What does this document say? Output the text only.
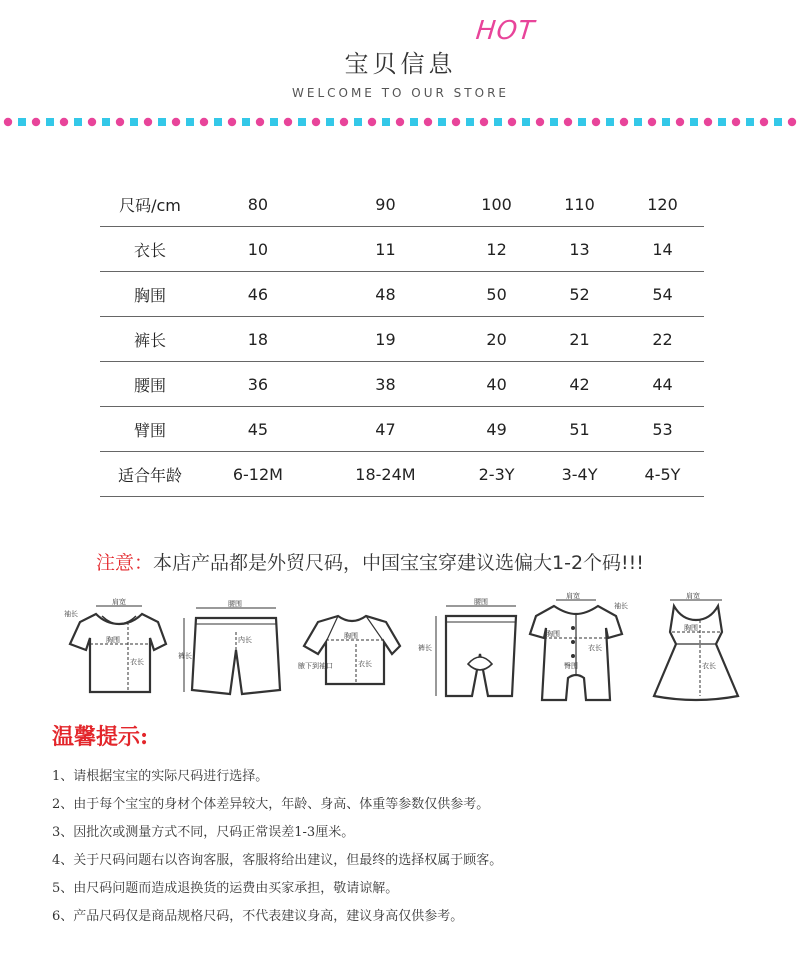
HOT
宝贝信息
WELCOME TO OUR STORE
尺码/cm	80	90	100	110	120
衣长	10	11	12	13	14
胸围	46	48	50	52	54
裤长	18	19	20	21	22
腰围	36	38	40	42	44
臂围	45	47	49	51	53
适合年龄	6-12M	18-24M	2-3Y	3-4Y	4-5Y
注意：本店产品都是外贸尺码，中国宝宝穿建议选偏大1-2个码!!!
肩宽
袖长
胸围
衣长
腰围
裤长
内长	胸围
衣长
腋下到袖口
腰围
裤长
肩宽
袖长
胸围
衣长
臀围
肩宽
胸围
衣长
温馨提示:
1、请根据宝宝的实际尺码进行选择。
2、由于每个宝宝的身材个体差异较大，年龄、身高、体重等参数仅供参考。
3、因批次或测量方式不同，尺码正常误差1-3厘米。
4、关于尺码问题右以咨询客服，客服将给出建议，但最终的选择权属于顾客。
5、由尺码问题而造成退换货的运费由买家承担，敬请谅解。
6、产品尺码仅是商品规格尺码，不代表建议身高，建议身高仅供参考。
